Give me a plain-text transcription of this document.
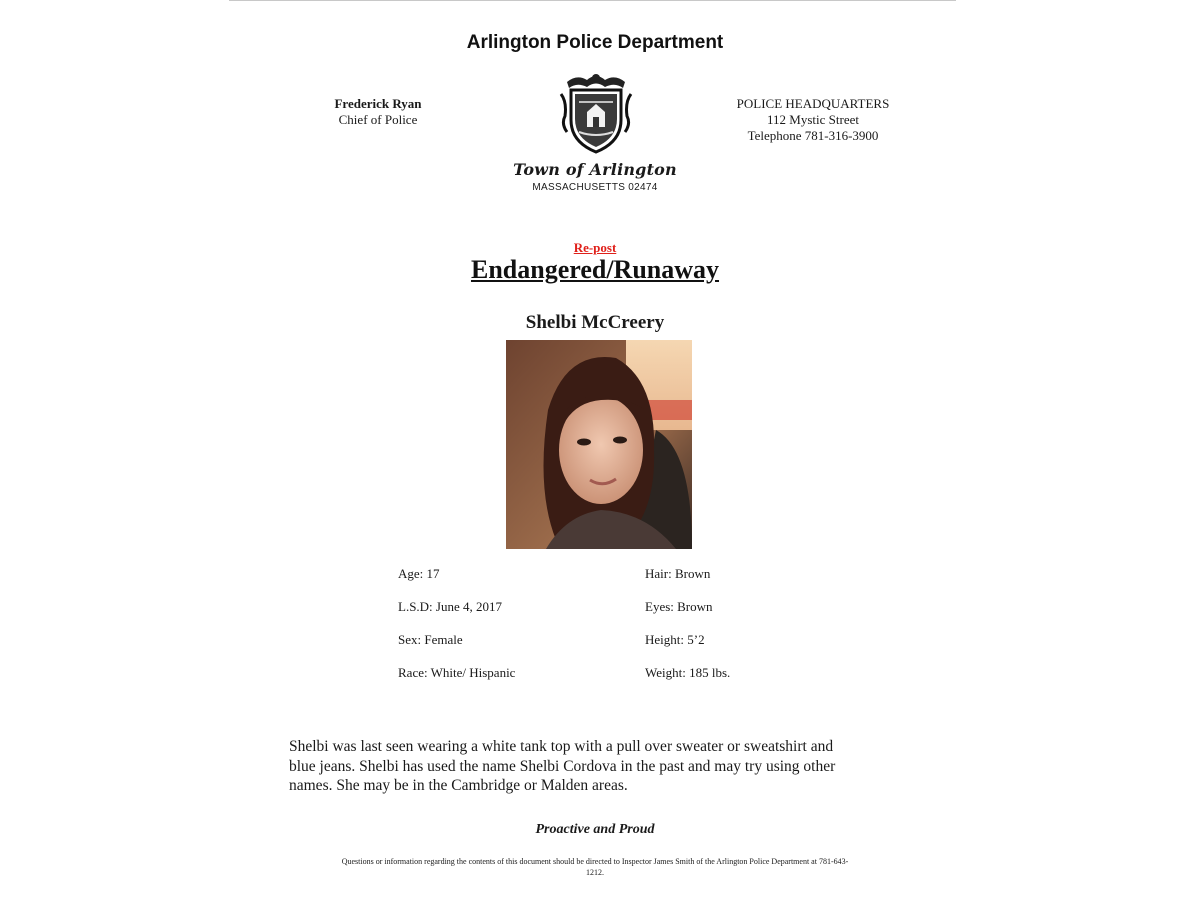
Arlington Police Department
Frederick Ryan
Chief of Police
POLICE HEADQUARTERS
112 Mystic Street
Telephone 781-316-3900
Town of Arlington
MASSACHUSETTS 02474
Re-post
Endangered/Runaway
Shelbi McCreery
Age: 17
L.S.D: June 4, 2017
Sex: Female
Race: White/ Hispanic
Hair: Brown
Eyes: Brown
Height: 5’2
Weight: 185 lbs.
Shelbi was last seen wearing a white tank top with a pull over sweater or sweatshirt and
blue jeans. Shelbi has used the name Shelbi Cordova in the past and may try using other
names. She may be in the Cambridge or Malden areas.
Proactive and Proud
Questions or information regarding the contents of this document should be directed to Inspector James Smith of the Arlington Police Department at 781-643-
1212.
